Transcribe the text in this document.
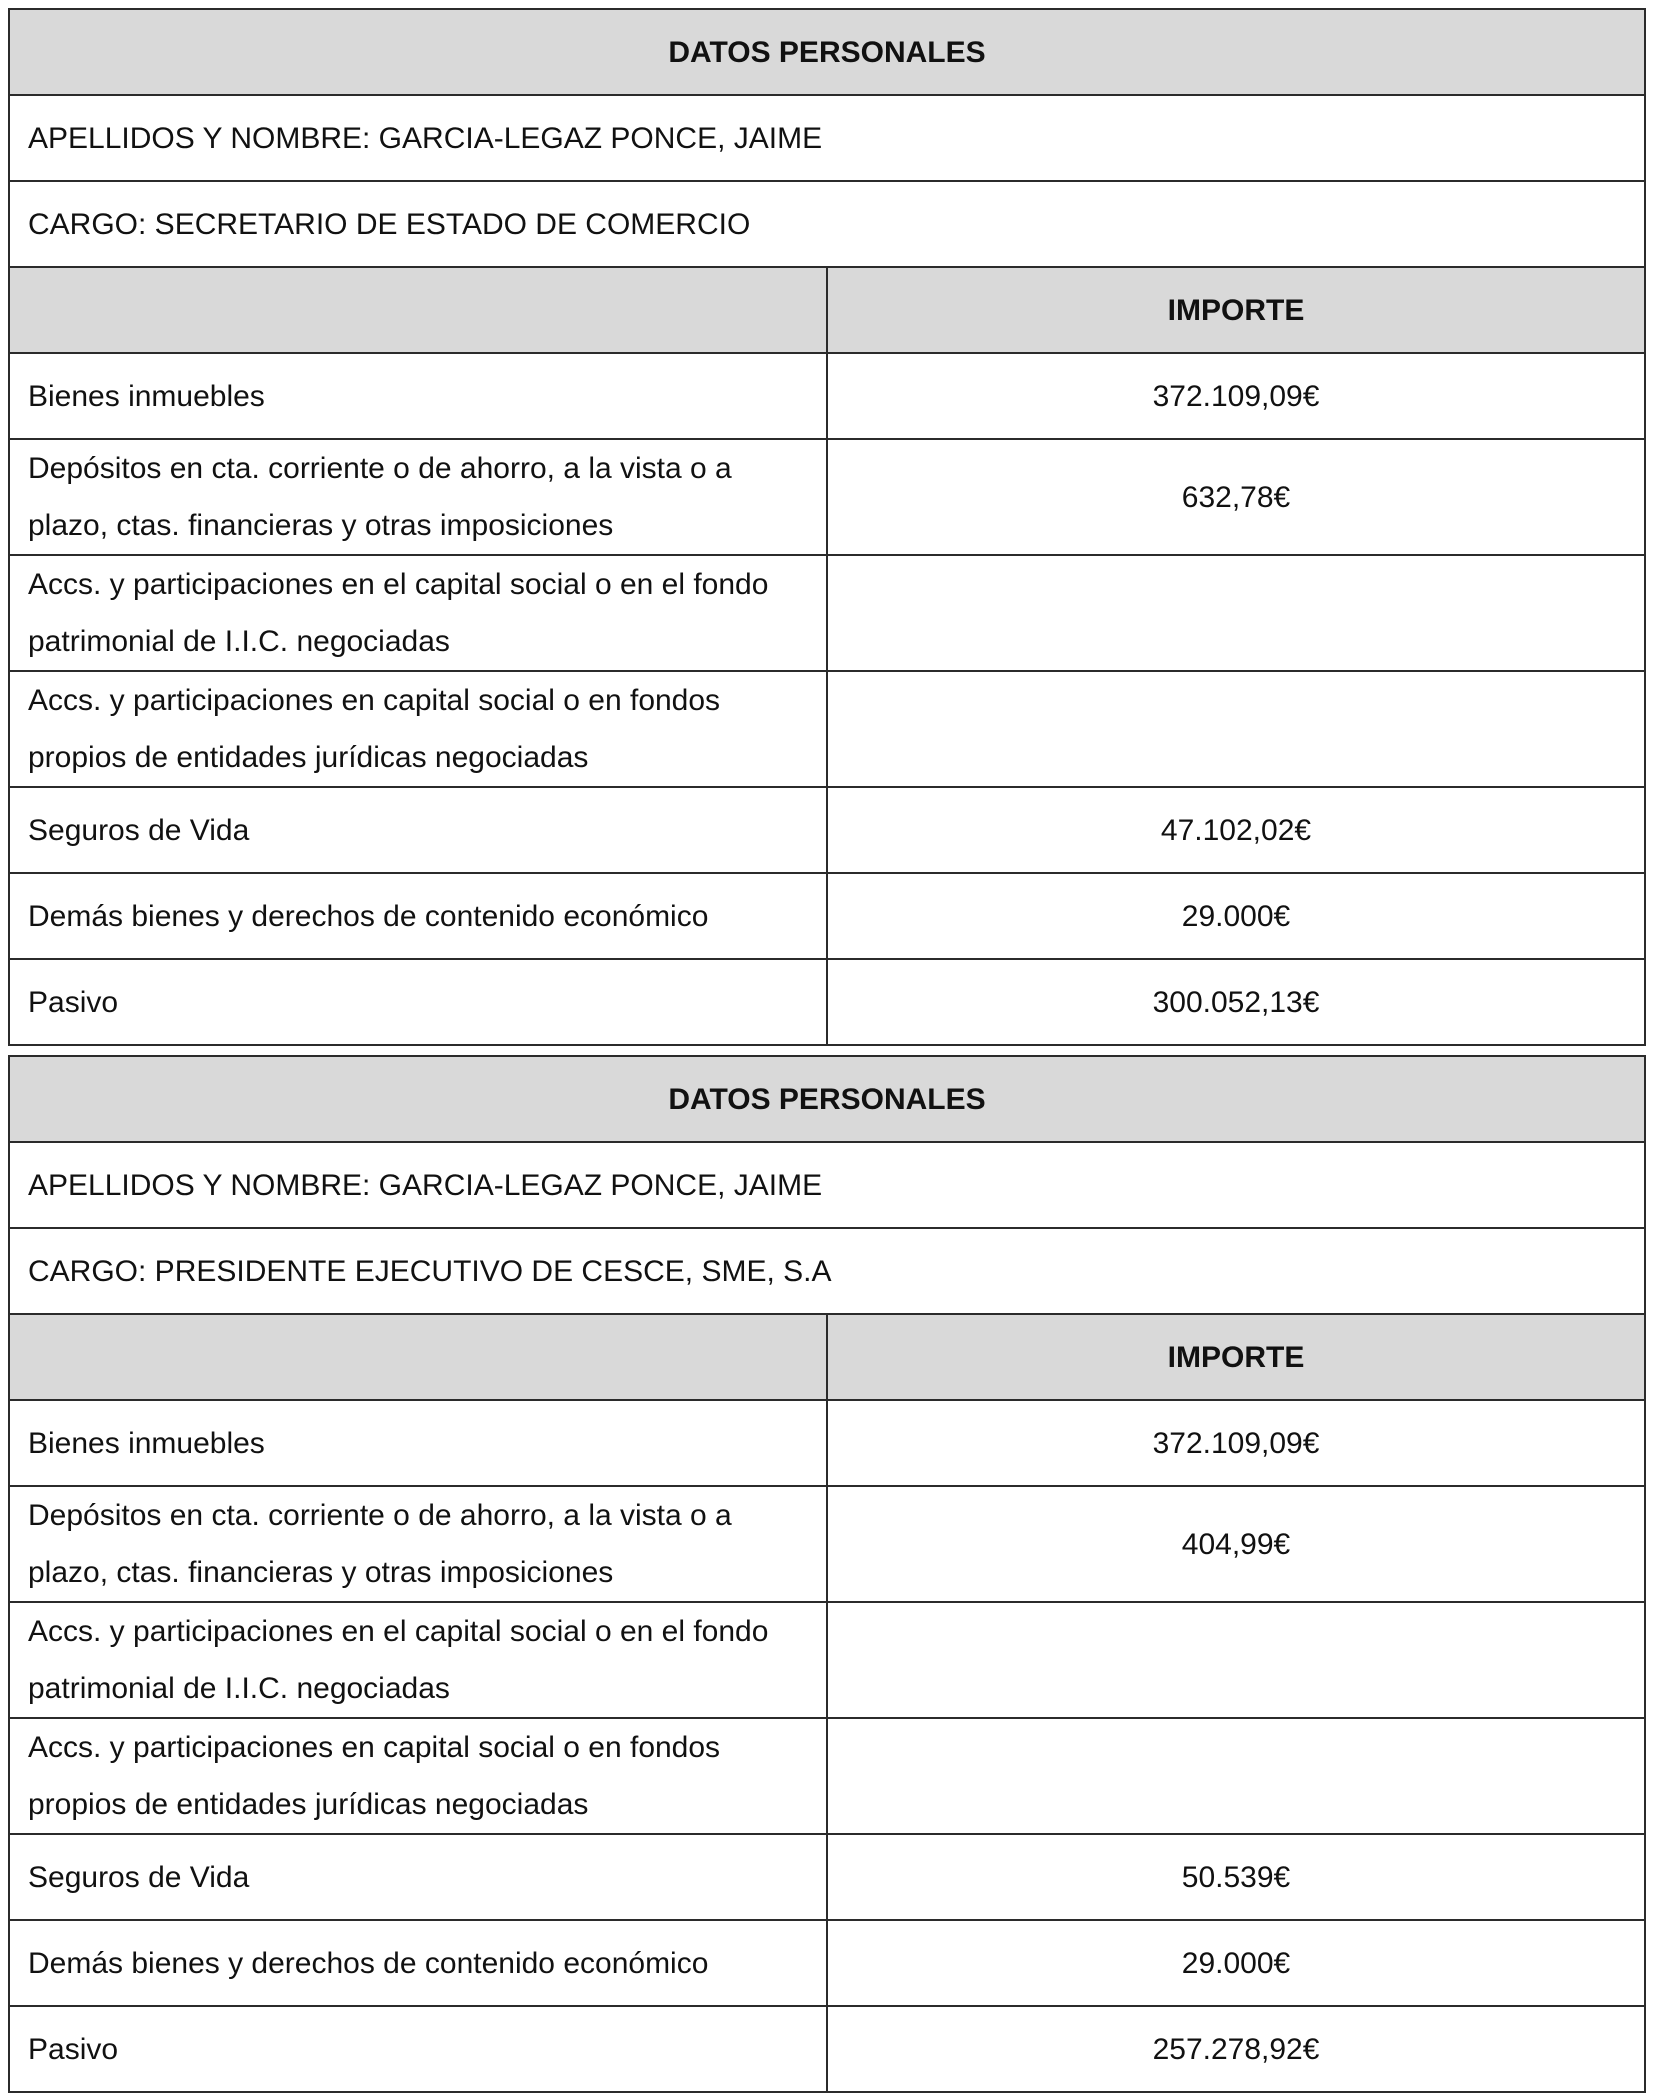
DATOS PERSONALES	
APELLIDOS Y NOMBRE: GARCIA-LEGAZ PONCE, JAIME	
CARGO: SECRETARIO DE ESTADO DE COMERCIO	
	IMPORTE
Bienes inmuebles	372.109,09€
Depósitos en cta. corriente o de ahorro, a la vista o a plazo, ctas. financieras y otras imposiciones	632,78€
Accs. y participaciones en el capital social o en el fondo patrimonial de I.I.C. negociadas	
Accs. y participaciones en capital social o en fondos propios de entidades jurídicas negociadas	
Seguros de Vida	47.102,02€
Demás bienes y derechos de contenido económico	29.000€
Pasivo	300.052,13€
DATOS PERSONALES	
APELLIDOS Y NOMBRE: GARCIA-LEGAZ PONCE, JAIME	
CARGO: PRESIDENTE EJECUTIVO DE CESCE, SME, S.A	
	IMPORTE
Bienes inmuebles	372.109,09€
Depósitos en cta. corriente o de ahorro, a la vista o a plazo, ctas. financieras y otras imposiciones	404,99€
Accs. y participaciones en el capital social o en el fondo patrimonial de I.I.C. negociadas	
Accs. y participaciones en capital social o en fondos propios de entidades jurídicas negociadas	
Seguros de Vida	50.539€
Demás bienes y derechos de contenido económico	29.000€
Pasivo	257.278,92€
